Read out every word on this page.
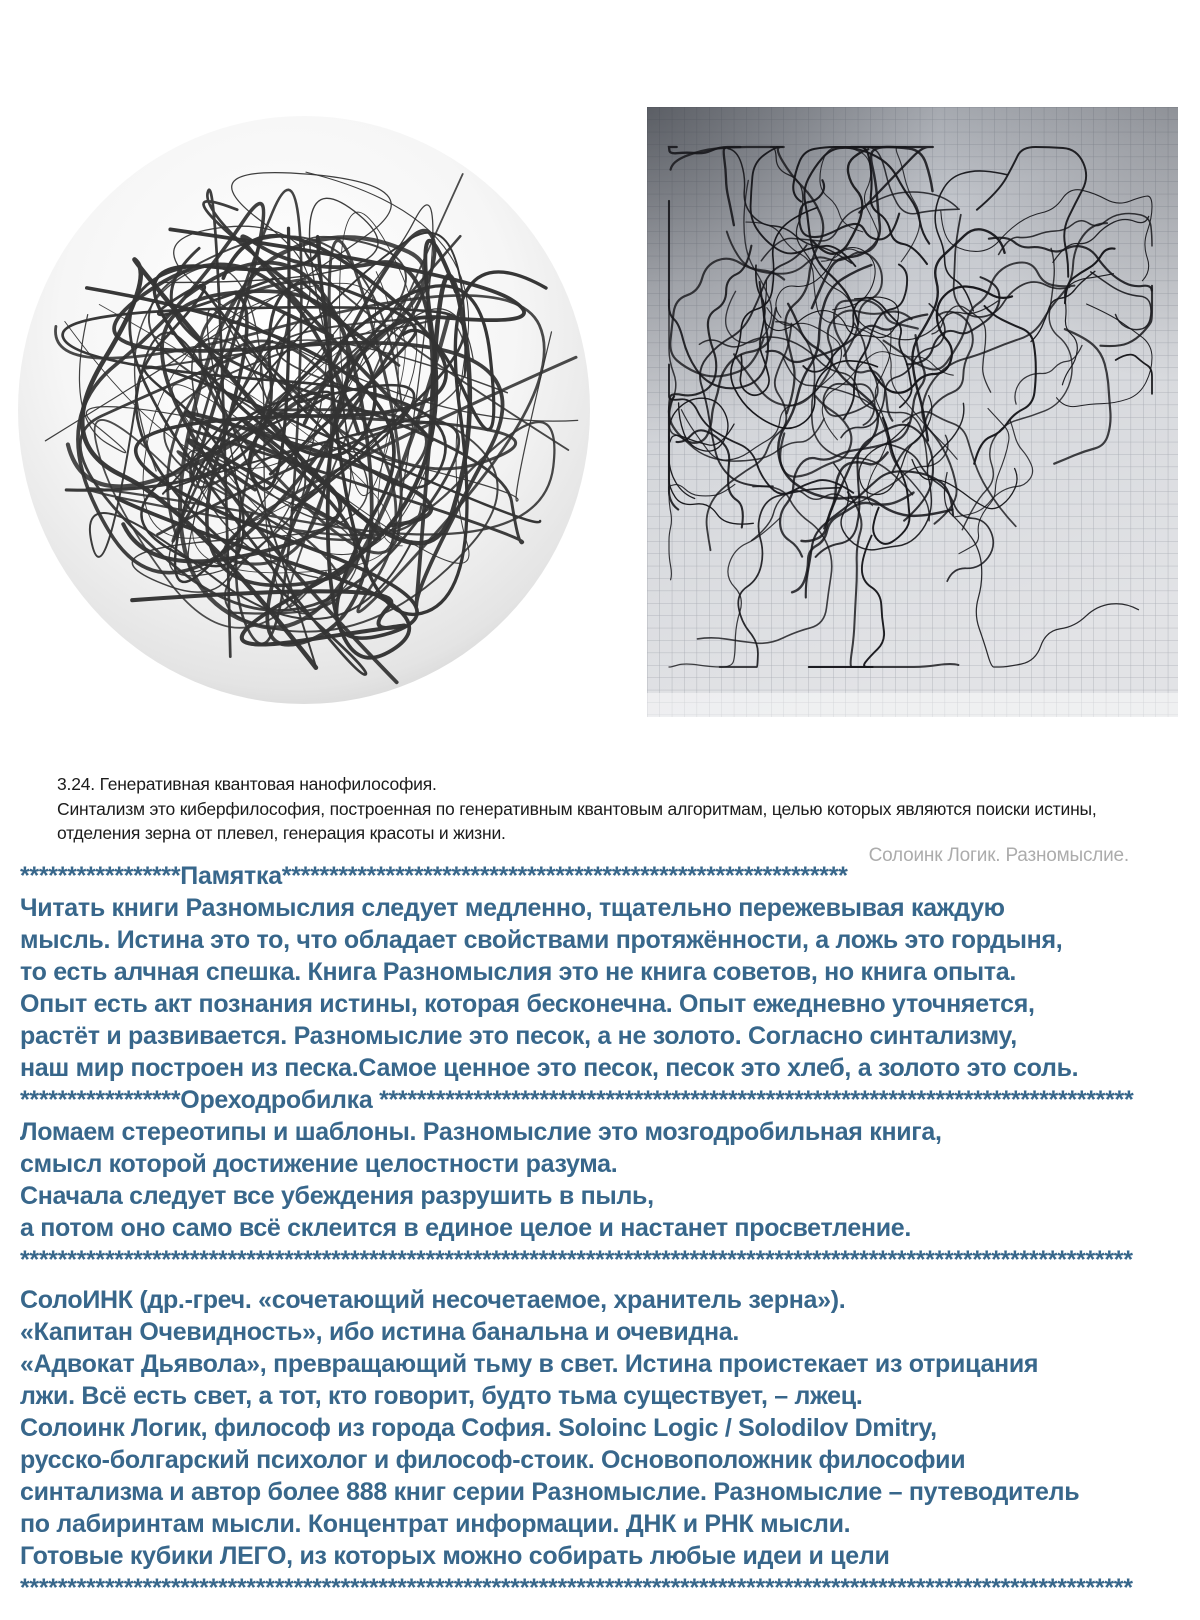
3.24. Генеративная квантовая нанофилософия.
Синтализм это киберфилософия, построенная по генеративным квантовым алгоритмам, целью которых являются поиски истины, отделения зерна от плевел, генерация красоты и жизни.
Солоинк Логик. Разномыслие.
*****************Памятка************************************************************
Читать книги Разномыслия следует медленно, тщательно пережевывая каждую
мысль. Истина это то, что обладает свойствами протяжённости, а ложь это гордыня,
то есть алчная спешка. Книга Разномыслия это не книга советов, но книга опыта.
Опыт есть акт познания истины, которая бесконечна. Опыт ежедневно уточняется,
растёт и развивается. Разномыслие это песок, а не золото. Согласно синтализму,
наш мир построен из песка.Самое ценное это песок, песок это хлеб, а золото это соль.
*****************Ореходробилка ********************************************************************************
Ломаем стереотипы и шаблоны. Разномыслие это мозгодробильная книга,
смысл которой достижение целостности разума.
Сначала следует все убеждения разрушить в пыль,
а потом оно само всё склеится в единое целое и настанет просветление.
**********************************************************************************************************************
СолоИНК (др.-греч. «сочетающий несочетаемое, хранитель зерна»).
«Капитан Очевидность», ибо истина банальна и очевидна.
«Адвокат Дьявола», превращающий тьму в свет. Истина проистекает из отрицания
лжи. Всё есть свет, а тот, кто говорит, будто тьма существует, – лжец.
Солоинк Логик, философ из города София. Soloinc Logic / Solodilov Dmitry,
русско-болгарский психолог и философ-стоик. Основоположник философии
синтализма и автор более 888 книг серии Разномыслие. Разномыслие – путеводитель
по лабиринтам мысли. Концентрат информации. ДНК и РНК мысли.
Готовые кубики ЛЕГО, из которых можно собирать любые идеи и цели
**********************************************************************************************************************
